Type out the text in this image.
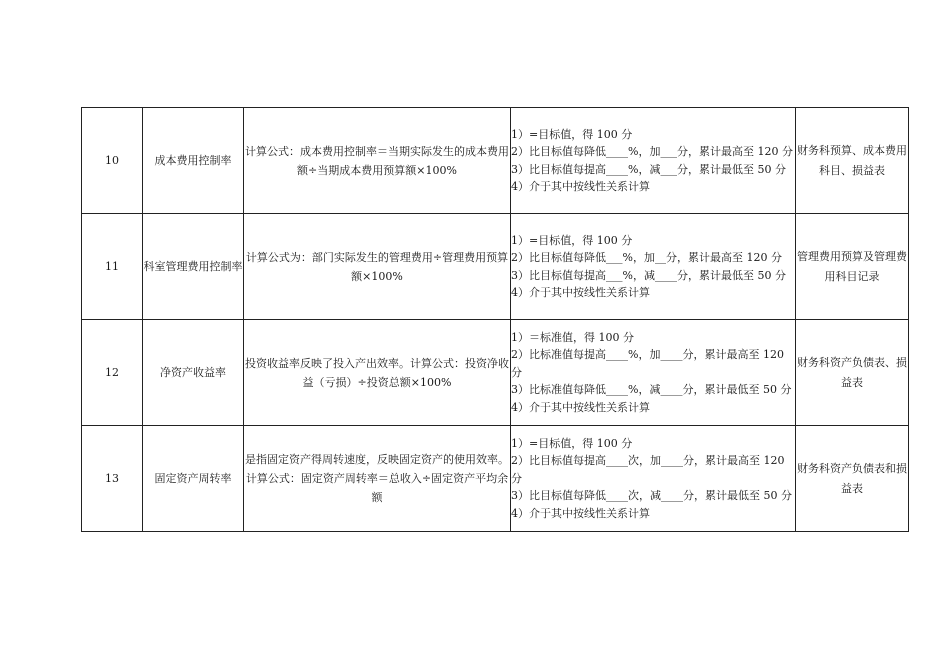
10	成本费用控制率	计算公式：成本费用控制率＝当期实际发生的成本费用额÷当期成本费用预算额×100%	1）=目标值，得 100 分
2）比目标值每降低____%，加___分，累计最高至 120 分
3）比目标值每提高____%，减___分，累计最低至 50 分
4）介于其中按线性关系计算	财务科预算、成本费用科目、损益表
11	科室管理费用控制率	计算公式为：部门实际发生的管理费用÷管理费用预算额×100%	1）=目标值，得 100 分
2）比目标值每降低___%，加__分，累计最高至 120 分
3）比目标值每提高___%，减____分，累计最低至 50 分
4）介于其中按线性关系计算	管理费用预算及管理费用科目记录
12	净资产收益率	投资收益率反映了投入产出效率。计算公式：投资净收益（亏损）÷投资总额×100%	1）＝标准值，得 100 分
2）比标准值每提高____%，加____分，累计最高至 120 分
3）比标准值每降低____%，减____分，累计最低至 50 分
4）介于其中按线性关系计算	财务科资产负债表、损益表
13	固定资产周转率	是指固定资产得周转速度，反映固定资产的使用效率。计算公式：固定资产周转率＝总收入÷固定资产平均余额	1）=目标值，得 100 分
2）比目标值每提高____次，加____分，累计最高至 120 分
3）比目标值每降低____次，减____分，累计最低至 50 分
4）介于其中按线性关系计算	财务科资产负债表和损益表
